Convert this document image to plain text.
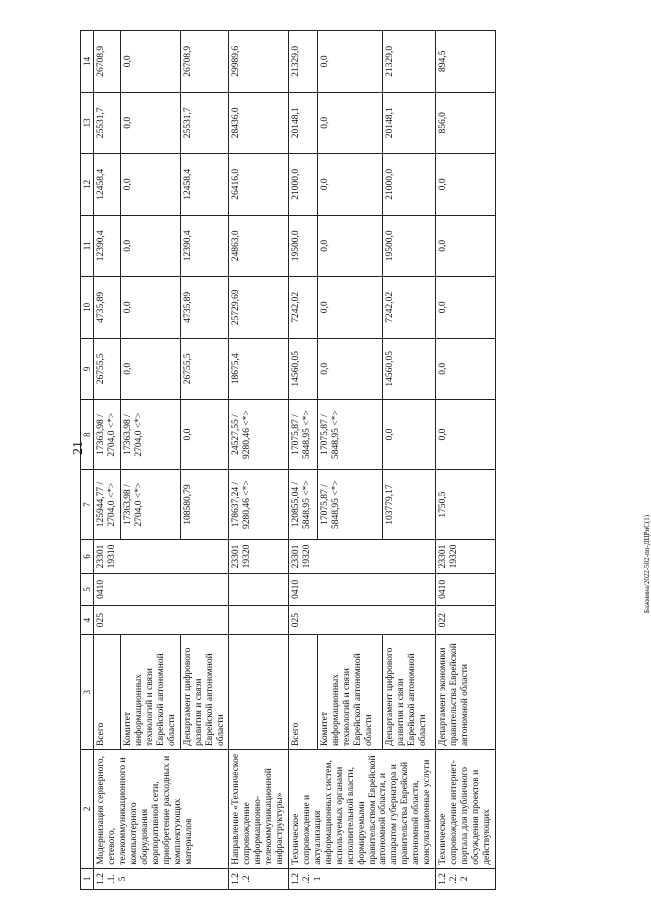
21
Бажмина/2022-502-пп-ДЦРиС(1)
1	2	3	4	5	6	7	8	9	10	11	12	13	14
1.2.1.5	Модернизация серверного, сетевого, телекоммуникационного и компьютерного оборудования корпоративной сети, приобретение расходных и комплектующих материалов	Всего	025	0410	23301 19310	125944,77 / 2704,0 <*>	17363,98 / 2704,0 <*>	26755,5	4735,89	12390,4	12458,4	25531,7	26708,9
		Комитет информационных технологий и связи Еврейской автономной области				17363,98 / 2704,0 <*>	17363,98 / 2704,0 <*>	0,0	0,0	0,0	0,0	0,0	0,0
		Департамент цифрового развития и связи Еврейской автономной области				108580,79	0,0	26755,5	4735,89	12390,4	12458,4	25531,7	26708,9
1.2.2	Направление «Техническое сопровождение информационно-телекоммуникационной инфраструктуры»				23301 19320	178637,24 / 9280,46 <*>	24527,55 / 9280,46 <*>	18675,4	25729,69	24863,0	26416,0	28436,0	29989,6
1.2.2.1	Техническое сопровождение и актуализация информационных систем, используемых органами исполнительной власти, формируемыми правительством Еврейской автономной области, и аппаратом губернатора и правительства Еврейской автономной области, консультационные услуги	Всего	025	0410	23301 19320	120855,04 / 5848,95 <*>	17075,87 / 5848,95 <*>	14560,05	7242,02	19500,0	21000,0	20148,1	21329,0
		Комитет информационных технологий и связи Еврейской автономной области				17075,87 / 5848,95 <*>	17075,87 / 5848,95 <*>	0,0	0,0	0,0	0,0	0,0	0,0
		Департамент цифрового развития и связи Еврейской автономной области				103779,17	0,0	14560,05	7242,02	19500,0	21000,0	20148,1	21329,0
1.2.2.2	Техническое сопровождение интернет-портала для публичного обсуждения проектов и действующих	Департамент экономики правительства Еврейской автономной области	022	0410	23301 19320	1750,5	0,0	0,0	0,0	0,0	0,0	856,0	894,5
